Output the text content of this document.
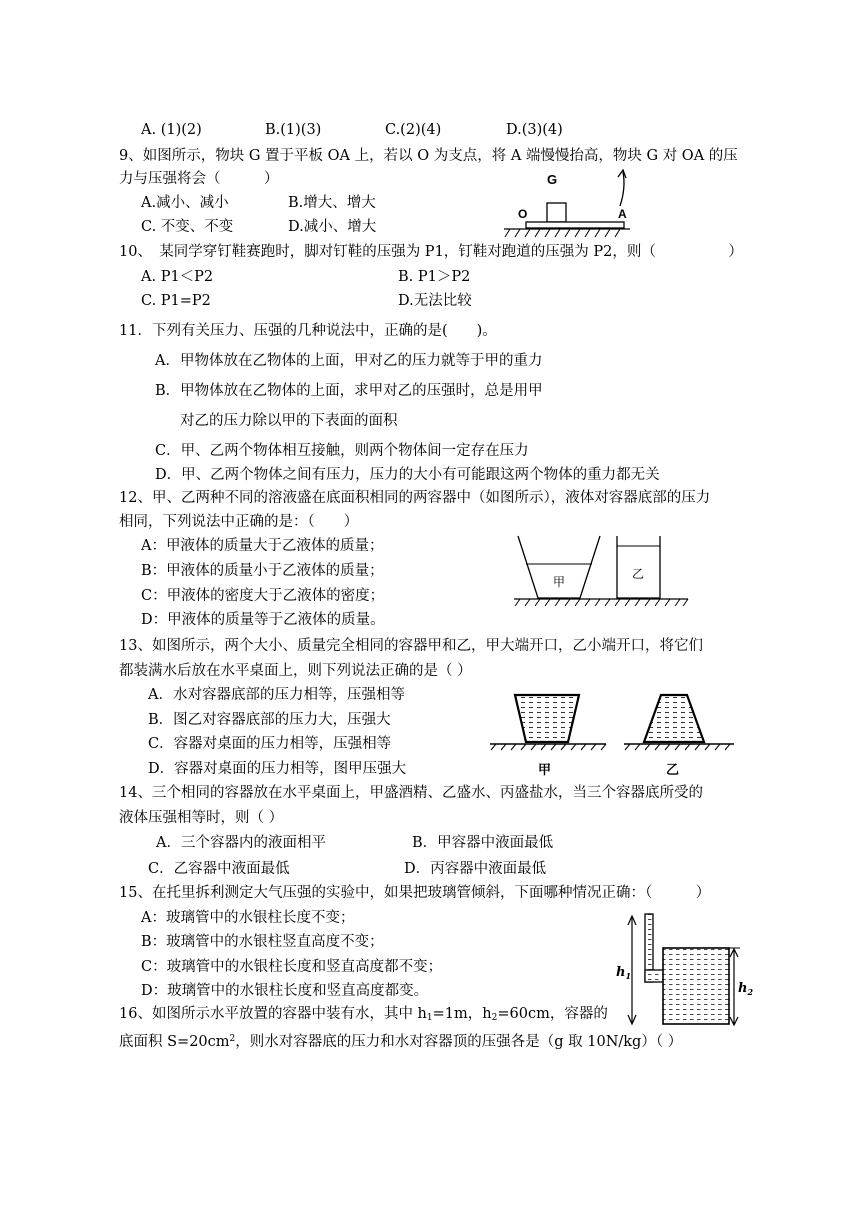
A. (1)(2)	B.(1)(3)	C.(2)(4)	D.(3)(4)
9、如图所示，物块 G 置于平板 OA 上，若以 O 为支点，将 A 端慢慢抬高，物块 G 对 OA 的压
力与压强将会（　　　）
A.减小、减小	B.增大、增大
C. 不变、不变	D.减小、增大
G
O	A
10、　某同学穿钉鞋赛跑时，脚对钉鞋的压强为 P1，钉鞋对跑道的压强为 P2，则（　　　　　）
A. P1＜P2	B. P1＞P2
C. P1=P2	D.无法比较
11．下列有关压力、压强的几种说法中，正确的是(　　)。
A．甲物体放在乙物体的上面，甲对乙的压力就等于甲的重力
B．甲物体放在乙物体的上面，求甲对乙的压强时，总是用甲
对乙的压力除以甲的下表面的面积
C．甲、乙两个物体相互接触，则两个物体间一定存在压力
D．甲、乙两个物体之间有压力，压力的大小有可能跟这两个物体的重力都无关
12、甲、乙两种不同的溶液盛在底面积相同的两容器中（如图所示），液体对容器底部的压力
相同，下列说法中正确的是：（　　）
A：甲液体的质量大于乙液体的质量；
B：甲液体的质量小于乙液体的质量；
C：甲液体的密度大于乙液体的密度；
D：甲液体的质量等于乙液体的质量。
甲
乙
13、如图所示，两个大小、质量完全相同的容器甲和乙，甲大端开口，乙小端开口，将它们
都装满水后放在水平桌面上，则下列说法正确的是（ ）
A．水对容器底部的压力相等，压强相等
B．图乙对容器底部的压力大，压强大
C．容器对桌面的压力相等，压强相等
D．容器对桌面的压力相等，图甲压强大	甲	乙
14、三个相同的容器放在水平桌面上，甲盛酒精、乙盛水、丙盛盐水，当三个容器底所受的
液体压强相等时，则（ ）
A．三个容器内的液面相平	B．甲容器中液面最低
C．乙容器中液面最低	D．丙容器中液面最低
15、在托里拆利测定大气压强的实验中，如果把玻璃管倾斜，下面哪种情况正确：（　　　）
A：玻璃管中的水银柱长度不变；
B：玻璃管中的水银柱竖直高度不变；
C：玻璃管中的水银柱长度和竖直高度都不变；
D：玻璃管中的水银柱长度和竖直高度都变。
16、如图所示水平放置的容器中装有水，其中 $h_1=1m$，$h_2=60cm$，容器的
底面积 $S=20cm^2$，则水对容器底的压力和水对容器顶的压强各是（g 取 10N/kg）（ ）
$h_1$
$h_2$
